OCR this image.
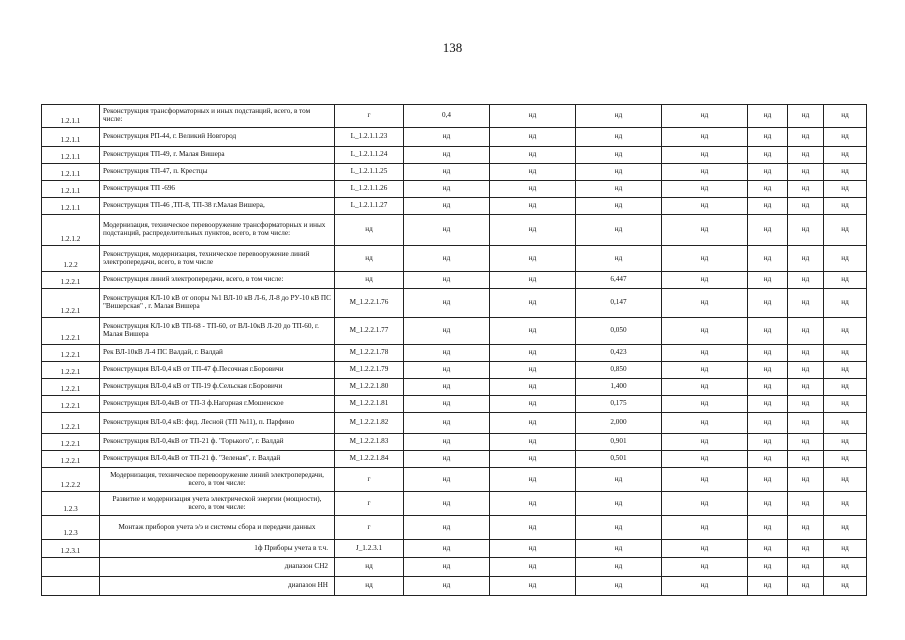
138
1.2.1.1	Реконструкция трансформаторных и иных подстанций, всего, в том числе:	г	0,4	нд	нд	нд	нд	нд	нд
1.2.1.1	Реконструкция РП-44, г. Великий Новгород	L_1.2.1.1.23	нд	нд	нд	нд	нд	нд	нд
1.2.1.1	Реконструкция ТП-49, г. Малая Вишера	L_1.2.1.1.24	нд	нд	нд	нд	нд	нд	нд
1.2.1.1	Реконструкция ТП-47, п. Крестцы	L_1.2.1.1.25	нд	нд	нд	нд	нд	нд	нд
1.2.1.1	Реконструкция ТП -696	L_1.2.1.1.26	нд	нд	нд	нд	нд	нд	нд
1.2.1.1	Реконструкция ТП-46 ,ТП-8, ТП-38 г.Малая Вишера,	L_1.2.1.1.27	нд	нд	нд	нд	нд	нд	нд
1.2.1.2	Модернизация, техническое перевооружение трансформаторных и иных подстанций, распределительных пунктов, всего, в том числе:	нд	нд	нд	нд	нд	нд	нд	нд
1.2.2	Реконструкция, модернизация, техническое перевооружение линий электропередачи, всего, в том числе	нд	нд	нд	нд	нд	нд	нд	нд
1.2.2.1	Реконструкция линий электропередачи, всего, в том числе:	нд	нд	нд	6,447	нд	нд	нд	нд
1.2.2.1	Реконструкция КЛ-10 кВ от опоры №1 ВЛ-10 кВ Л-6, Л-8 до РУ-10 кВ ПС "Вишерская" , г. Малая Вишера	М_1.2.2.1.76	нд	нд	0,147	нд	нд	нд	нд
1.2.2.1	Реконструкция КЛ-10 кВ ТП-68 - ТП-60, от ВЛ-10кВ Л-20 до ТП-60, г. Малая Вишера	М_1.2.2.1.77	нд	нд	0,050	нд	нд	нд	нд
1.2.2.1	Рек ВЛ-10кВ Л-4 ПС Валдай, г. Валдай	М_1.2.2.1.78	нд	нд	0,423	нд	нд	нд	нд
1.2.2.1	Реконструкция ВЛ-0,4 кВ от ТП-47 ф.Песочная г.Боровичи	М_1.2.2.1.79	нд	нд	0,850	нд	нд	нд	нд
1.2.2.1	Реконструкция ВЛ-0,4 кВ от ТП-19 ф.Сельская г.Боровичи	М_1.2.2.1.80	нд	нд	1,400	нд	нд	нд	нд
1.2.2.1	Реконструкция ВЛ-0,4кВ от ТП-3 ф.Нагорная г.Мошенское	М_1.2.2.1.81	нд	нд	0,175	нд	нд	нд	нд
1.2.2.1	Реконструкция ВЛ-0,4 кВ: фид. Лесной (ТП №11), п. Парфино	М_1.2.2.1.82	нд	нд	2,000	нд	нд	нд	нд
1.2.2.1	Реконструкция ВЛ-0,4кВ от ТП-21 ф. "Горького", г. Валдай	М_1.2.2.1.83	нд	нд	0,901	нд	нд	нд	нд
1.2.2.1	Реконструкция ВЛ-0,4кВ от ТП-21 ф. "Зеленая", г. Валдай	М_1.2.2.1.84	нд	нд	0,501	нд	нд	нд	нд
1.2.2.2	Модернизация, техническое перевооружение линий электропередачи, всего, в том числе:	г	нд	нд	нд	нд	нд	нд	нд
1.2.3	Развитие и модернизация учета электрической энергии (мощности), всего, в том числе:	г	нд	нд	нд	нд	нд	нд	нд
1.2.3	Монтаж приборов учета э/э и системы сбора и передачи данных	г	нд	нд	нд	нд	нд	нд	нд
1.2.3.1	1ф Приборы учета в т.ч.	J_1.2.3.1	нд	нд	нд	нд	нд	нд	нд
	диапазон СН2	нд	нд	нд	нд	нд	нд	нд	нд
	диапазон НН	нд	нд	нд	нд	нд	нд	нд	нд
